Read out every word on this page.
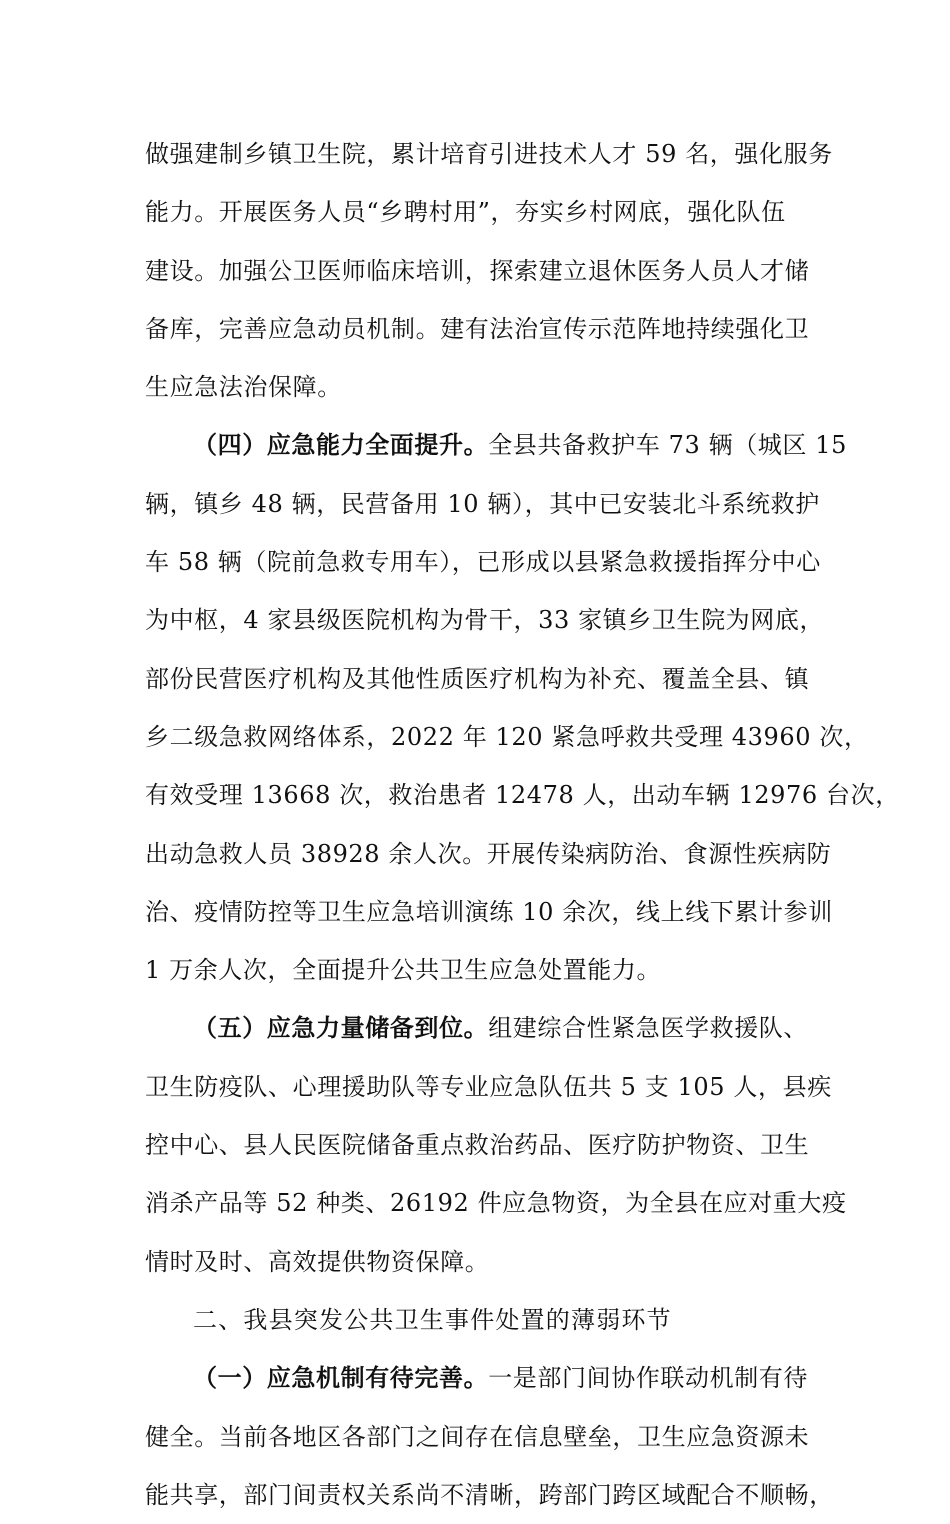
做强建制乡镇卫生院，累计培育引进技术人才 59 名，强化服务
能力。开展医务人员“乡聘村用”，夯实乡村网底，强化队伍
建设。加强公卫医师临床培训，探索建立退休医务人员人才储
备库，完善应急动员机制。建有法治宣传示范阵地持续强化卫
生应急法治保障。
（四）应急能力全面提升。全县共备救护车 73 辆（城区 15
辆，镇乡 48 辆，民营备用 10 辆），其中已安装北斗系统救护
车 58 辆（院前急救专用车），已形成以县紧急救援指挥分中心
为中枢，4 家县级医院机构为骨干，33 家镇乡卫生院为网底，
部份民营医疗机构及其他性质医疗机构为补充、覆盖全县、镇
乡二级急救网络体系，2022 年 120 紧急呼救共受理 43960 次，
有效受理 13668 次，救治患者 12478 人，出动车辆 12976 台次，
出动急救人员 38928 余人次。开展传染病防治、食源性疾病防
治、疫情防控等卫生应急培训演练 10 余次，线上线下累计参训
1 万余人次，全面提升公共卫生应急处置能力。
（五）应急力量储备到位。组建综合性紧急医学救援队、
卫生防疫队、心理援助队等专业应急队伍共 5 支 105 人，县疾
控中心、县人民医院储备重点救治药品、医疗防护物资、卫生
消杀产品等 52 种类、26192 件应急物资，为全县在应对重大疫
情时及时、高效提供物资保障。
二、我县突发公共卫生事件处置的薄弱环节
（一）应急机制有待完善。一是部门间协作联动机制有待
健全。当前各地区各部门之间存在信息壁垒，卫生应急资源未
能共享，部门间责权关系尚不清晰，跨部门跨区域配合不顺畅，
